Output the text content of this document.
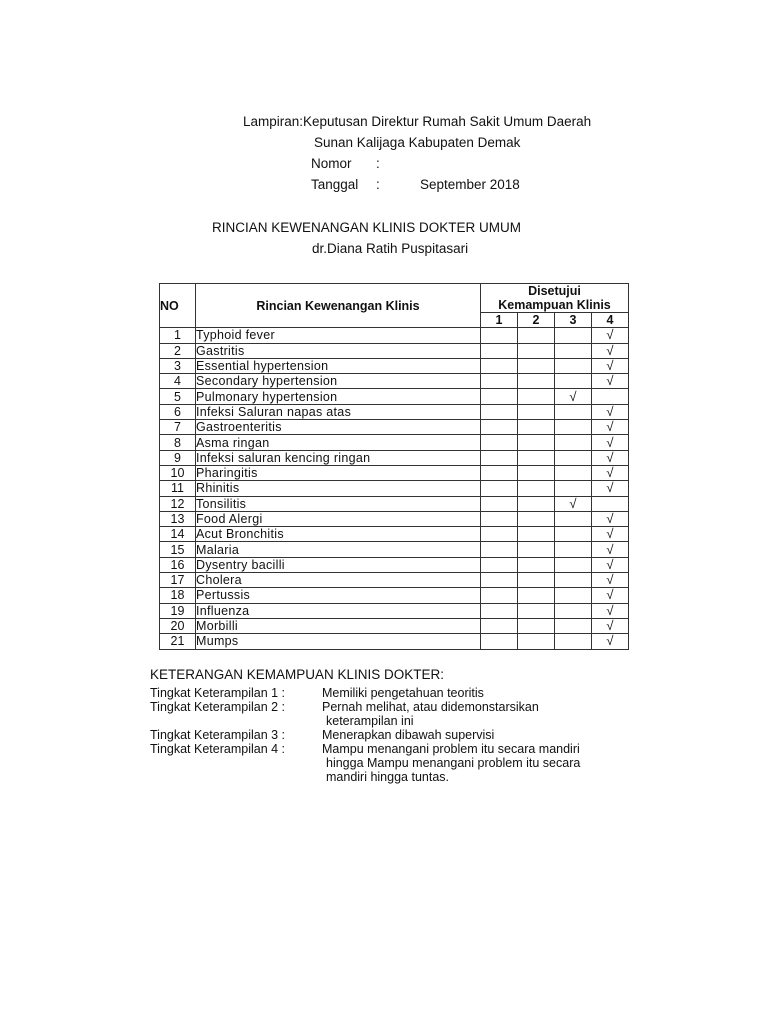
Lampiran:Keputusan Direktur Rumah Sakit Umum Daerah
Sunan Kalijaga Kabupaten Demak
Nomor :
Tanggal :	September 2018
RINCIAN KEWENANGAN KLINIS DOKTER UMUM
dr.Diana Ratih Puspitasari
NO	Rincian Kewenangan Klinis	Disetujui
Kemampuan Klinis			
		1	2	3	4
1	Typhoid fever				√
2	Gastritis				√
3	Essential hypertension				√
4	Secondary hypertension				√
5	Pulmonary hypertension			√	
6	Infeksi Saluran napas atas				√
7	Gastroenteritis				√
8	Asma ringan				√
9	Infeksi saluran kencing ringan				√
10	Pharingitis				√
11	Rhinitis				√
12	Tonsilitis			√	
13	Food Alergi				√
14	Acut Bronchitis				√
15	Malaria				√
16	Dysentry bacilli				√
17	Cholera				√
18	Pertussis				√
19	Influenza				√
20	Morbilli				√
21	Mumps				√
KETERANGAN KEMAMPUAN KLINIS DOKTER:
Tingkat Keterampilan 1 :	Memiliki pengetahuan teoritis
Tingkat Keterampilan 2 :	Pernah melihat, atau didemonstarsikan
keterampilan ini
Tingkat Keterampilan 3 :	Menerapkan dibawah supervisi
Tingkat Keterampilan 4 :	Mampu menangani problem itu secara mandiri
hingga Mampu menangani problem itu secara
mandiri hingga tuntas.
